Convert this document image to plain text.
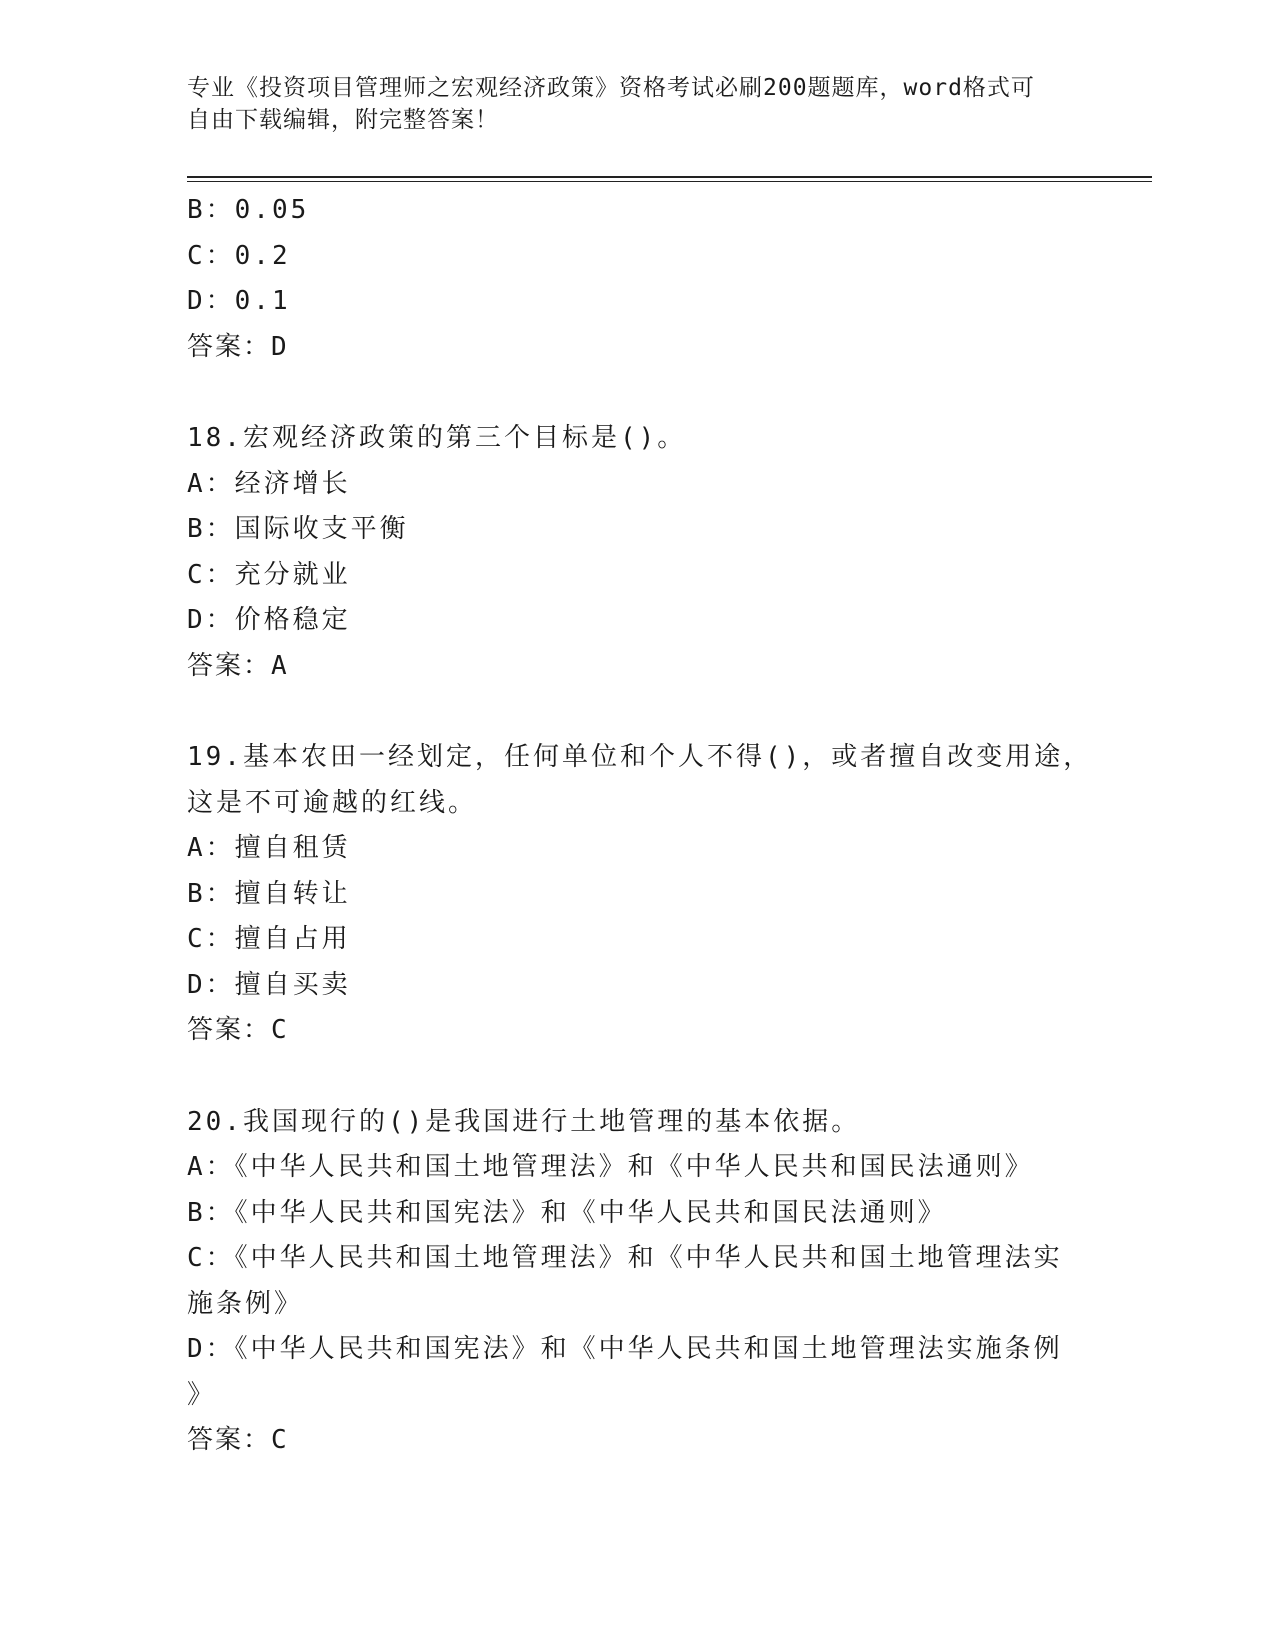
专业《投资项目管理师之宏观经济政策》资格考试必刷200题题库，word格式可
自由下载编辑，附完整答案！
B：0.05
C：0.2
D：0.1
答案：D
18.宏观经济政策的第三个目标是()。
A：经济增长
B：国际收支平衡
C：充分就业
D：价格稳定
答案：A
19.基本农田一经划定，任何单位和个人不得()，或者擅自改变用途，
这是不可逾越的红线。
A：擅自租赁
B：擅自转让
C：擅自占用
D：擅自买卖
答案：C
20.我国现行的()是我国进行土地管理的基本依据。
A：《中华人民共和国土地管理法》和《中华人民共和国民法通则》
B：《中华人民共和国宪法》和《中华人民共和国民法通则》
C：《中华人民共和国土地管理法》和《中华人民共和国土地管理法实
施条例》
D：《中华人民共和国宪法》和《中华人民共和国土地管理法实施条例
》
答案：C
